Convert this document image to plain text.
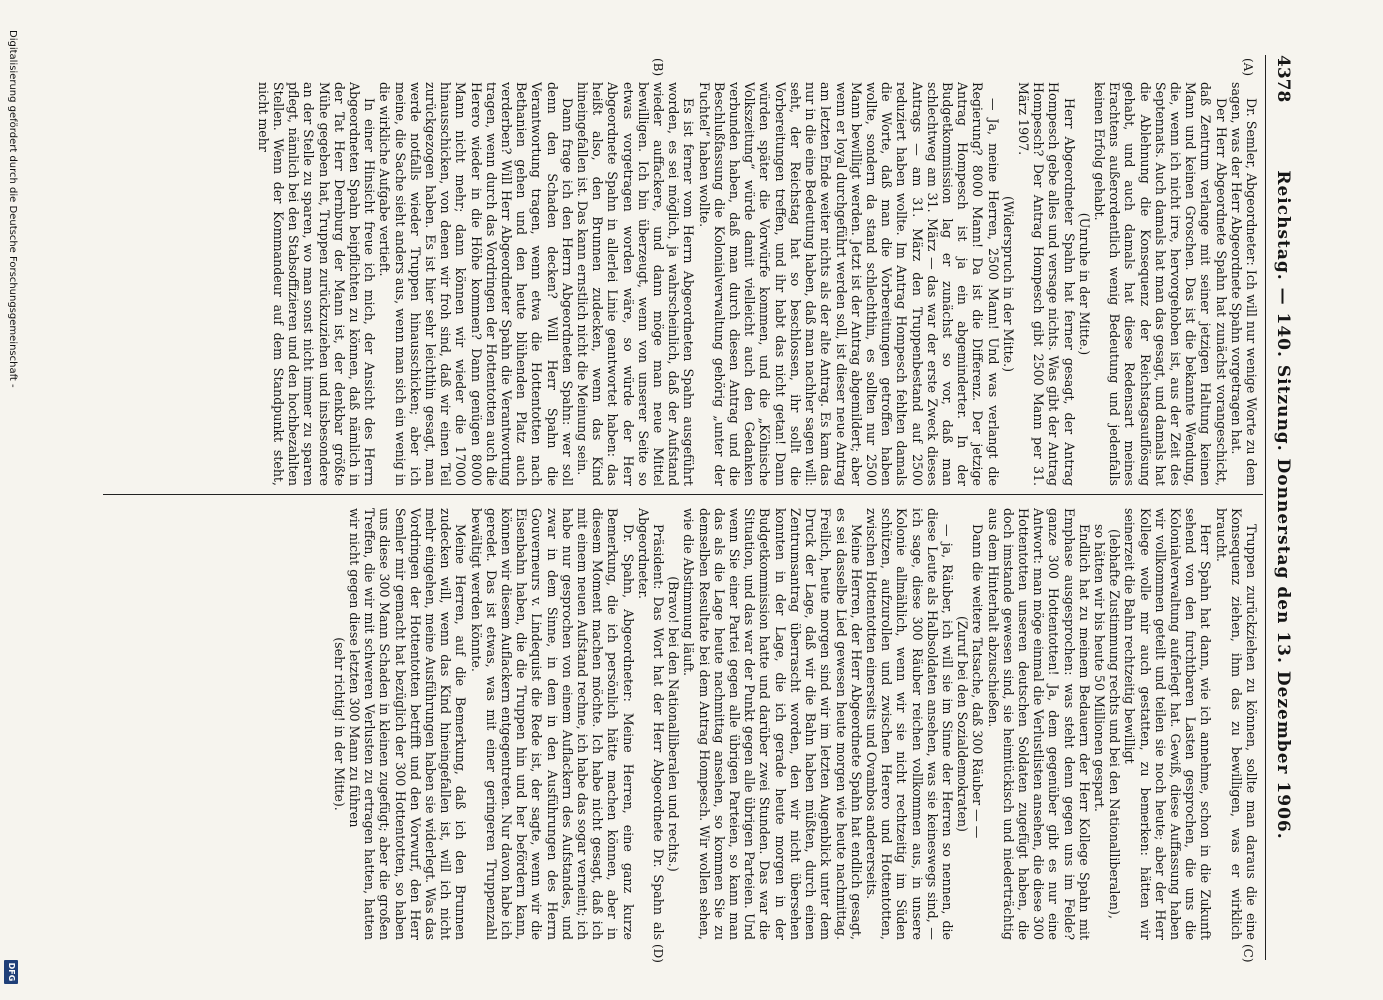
4378
Reichstag. — 140. Sitzung. Donnerstag den 13. Dezember 1906.
(A)
(B)
(C)
(D)

Dr. Semler, Abgeordneter: Ich will nur wenige Worte zu dem sagen, was der Herr Abgeordnete Spahn vorgetragen hat.

Der Herr Abgeordnete Spahn hat zunächst vorangeschickt, daß Zentrum verlange mit seiner jetzigen Haltung keinen Mann und keinen Groschen. Das ist die bekannte Wendung, die, wenn ich nicht irre, hervorgehoben ist, aus der Zeit des Septennats. Auch damals hat man das gesagt, und damals hat die Ablehnung die Konsequenz der Reichstagsauflösung gehabt, und auch damals hat diese Redensart meines Erachtens außerordentlich wenig Bedeutung und jedenfalls keinen Erfolg gehabt.

(Unruhe in der Mitte.)

Herr Abgeordneter Spahn hat ferner gesagt, der Antrag Hompesch gebe alles und versage nichts. Was gibt der Antrag Hompesch? Der Antrag Hompesch gibt 2500 Mann per 31. März 1907.

(Widerspruch in der Mitte.)

— Ja, meine Herren, 2500 Mann! Und was verlangt die Regierung? 8000 Mann! Da ist die Differenz. Der jetzige Antrag Hompesch ist ja ein abgeminderter. In der Budgetkommission lag er zunächst so vor, daß man schlechtweg am 31. März — das war der erste Zweck dieses Antrags — am 31. März den Truppenbestand auf 2500 reduziert haben wollte. Im Antrag Hompesch fehlten damals die Worte, daß man die Vorbereitungen getroffen haben wollte, sondern da stand schlechthin, es sollten nur 2500 Mann bewilligt werden. Jetzt ist der Antrag abgemildert; aber wenn er loyal durchgeführt werden soll, ist dieser neue Antrag am letzten Ende weiter nichts als der alte Antrag. Es kam das nur in die eine Bedeutung haben, daß man nachher sagen will: seht, der Reichstag hat so beschlossen, ihr sollt die Vorbereitungen treffen, und ihr habt das nicht getan! Dann würden später die Vorwürfe kommen, und die „Kölnische Volkszeitung“ würde damit vielleicht auch den Gedanken verbunden haben, daß man durch diesen Antrag und die Beschlußfassung die Kolonialverwaltung gehörig „unter der Fuchtel“ haben wollte.

Es ist ferner vom Herrn Abgeordneten Spahn ausgeführt worden, es sei möglich, ja wahrscheinlich, daß der Aufstand wieder auffackere, und dann möge man neue Mittel bewilligen. Ich bin überzeugt, wenn von unserer Seite so etwas vorgetragen worden wäre, so würde der Herr Abgeordnete Spahn in allerlei Linie geantwortet haben: das heißt also, den Brunnen zudecken, wenn das Kind hineingefallen ist. Das kann ernstlich nicht die Meinung sein.

Dann frage ich den Herrn Abgeordneten Spahn: wer soll denn den Schaden decken? Will Herr Spahn die Verantwortung tragen, wenn etwa die Hottentotten nach Bethanien gehen und den heute blühenden Platz auch verderben? Will Herr Abgeordneter Spahn die Verantwortung tragen, wenn durch das Vordringen der Hottentotten auch die Herero wieder in die Höhe kommen? Dann genügen 8000 Mann nicht mehr; dann können wir wieder die 17000 hinausschicken, von denen wir froh sind, daß wir einen Teil zurückgezogen haben. Es ist hier sehr leichthin gesagt, man werde notfalls wieder Truppen hinausschicken; aber ich meine, die Sache sieht anders aus, wenn man sich ein wenig in die wirkliche Aufgabe vertieft.

In einer Hinsicht freue ich mich, der Ansicht des Herrn Abgeordneten Spahn beipflichten zu können, daß nämlich in der Tat Herr Dernburg der Mann ist, der denkbar größte Mühe gegeben hat, Truppen zurückzuziehen und insbesondere an der Stelle zu sparen, wo man sonst nicht immer zu sparen pflegt, nämlich bei den Stabsoffizieren und den hochbezahlten Stellen. Wenn der Kommandeur auf dem Standpunkt steht, nicht mehr

Truppen zurückziehen zu können, sollte man daraus die eine Konsequenz ziehen, ihm das zu bewilligen, was er wirklich braucht.

Herr Spahn hat dann, wie ich annehme, schon in die Zukunft sehend von den furchtbaren Lasten gesprochen, die uns die Kolonialverwaltung auferlegt hat. Gewiß, diese Auffassung haben wir vollkommen geteilt und teilen sie noch heute; aber der Herr Kollege wolle mir auch gestatten, zu bemerken: hätten wir seinerzeit die Bahn rechtzeitig bewilligt

(lebhafte Zustimmung rechts und bei den Nationalliberalen),

so hätten wir bis heute 50 Millionen gespart.

Endlich hat zu meinem Bedauern der Herr Kollege Spahn mit Emphase ausgesprochen: was steht denn gegen uns im Felde? ganze 300 Hottentotten! Ja, dem gegenüber gibt es nur eine Antwort: man möge einmal die Verlustlisten ansehen, die diese 300 Hottentotten unseren deutschen Soldaten zugefügt haben, die doch imstande gewesen sind, sie heimtückisch und niederträchtig aus dem Hinterhalt abzuschießen.

Dann die weitere Tatsache, daß 300 Räuber — —

(Zuruf bei den Sozialdemokraten)

— ja, Räuber, ich will sie im Sinne der Herren so nennen, die diese Leute als Halbsoldaten ansehen, was sie keineswegs sind, — ich sage, diese 300 Räuber reichen vollkommen aus, in unsere Kolonie allmählich, wenn wir sie nicht rechtzeitig im Süden schützen, aufzurollen und zwischen Herero und Hottentotten, zwischen Hottentotten einerseits und Ovambos andererseits.

Meine Herren, der Herr Abgeordnete Spahn hat endlich gesagt, es sei dasselbe Lied gewesen heute morgen wie heute nachmittag. Freilich, heute morgen sind wir im letzten Augenblick unter dem Druck der Lage, daß wir die Bahn haben müßten, durch einen Zentrumsantrag überrascht worden, den wir nicht übersehen konnten in der Lage, die ich gerade heute morgen in der Budgetkommission hatte und darüber zwei Stunden. Das war die Situation, und das war der Punkt gegen alle übrigen Parteien. Und wenn Sie einer Partei gegen alle übrigen Parteien, so kann man das als die Lage heute nachmittag ansehen, so kommen Sie zu demselben Resultate bei dem Antrag Hompesch. Wir wollen sehen, wie die Abstimmung läuft.

(Bravo! bei den Nationalliberalen und rechts.)

Präsident: Das Wort hat der Herr Abgeordnete Dr. Spahn als Abgeordneter.

Dr. Spahn, Abgeordneter: Meine Herren, eine ganz kurze Bemerkung, die ich persönlich hätte machen können, aber in diesem Moment machen möchte. Ich habe nicht gesagt, daß ich mit einem neuen Aufstand rechne, ich habe das sogar verneint; ich habe nur gesprochen von einem Auflackern des Aufstandes, und zwar in dem Sinne, in dem in den Ausführungen des Herrn Gouverneurs v. Lindequist die Rede ist, der sagte, wenn wir die Eisenbahn haben, die die Truppen hin und her befördern kann, können wir diesem Auflackern entgegentreten. Nur davon habe ich geredet. Das ist etwas, was mit einer geringeren Truppenzahl bewältigt werden könnte.

Meine Herren, auf die Bemerkung, daß ich den Brunnen zudecken will, wenn das Kind hineingefallen ist, will ich nicht mehr eingehen, meine Ausführungen haben sie widerlegt. Was das Vordringen der Hottentotten betrifft und den Vorwurf, den Herr Semler mir gemacht hat bezüglich der 300 Hottentotten, so haben uns diese 300 Mann Schaden in kleinen zugefügt; aber die großen Treffen, die wir mit schweren Verlusten zu ertragen hatten, hatten wir nicht gegen diese letzten 300 Mann zu führen

(sehr richtig! in der Mitte).

Digitalisierung gefördert durch die Deutsche Forschungsgemeinschaft -
DFG
